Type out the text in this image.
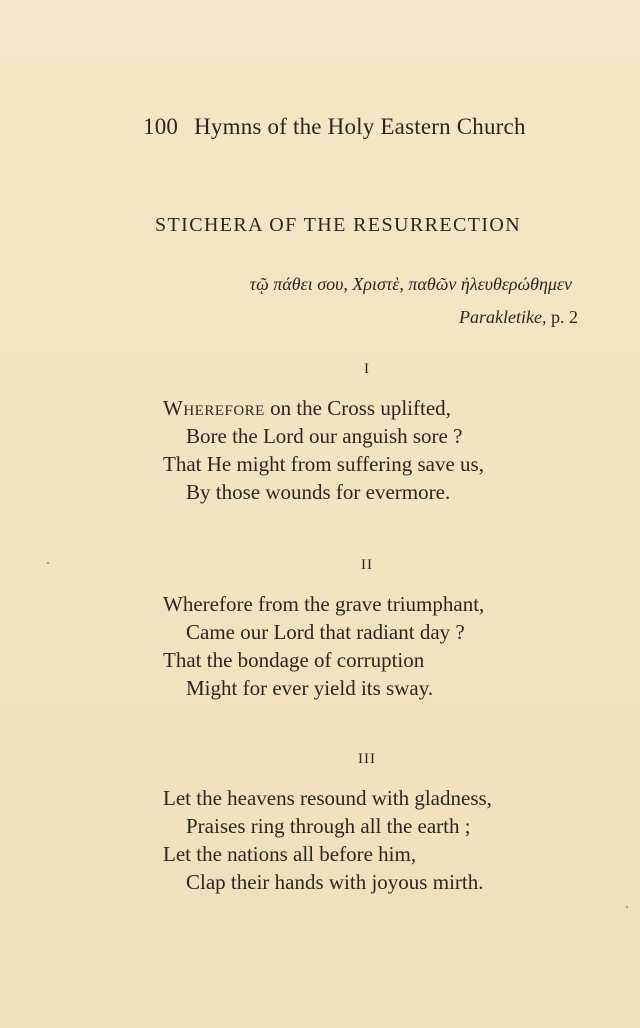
100 Hymns of the Holy Eastern Church
STICHERA OF THE RESURRECTION
τῷ πάθει σου, Χριστὲ, παθῶν ἠλευθερώθημεν
Parakletike, p. 2
I
Wherefore on the Cross uplifted,
Bore the Lord our anguish sore ?
That He might from suffering save us,
By those wounds for evermore.
II
Wherefore from the grave triumphant,
Came our Lord that radiant day ?
That the bondage of corruption
Might for ever yield its sway.
III
Let the heavens resound with gladness,
Praises ring through all the earth ;
Let the nations all before him,
Clap their hands with joyous mirth.
